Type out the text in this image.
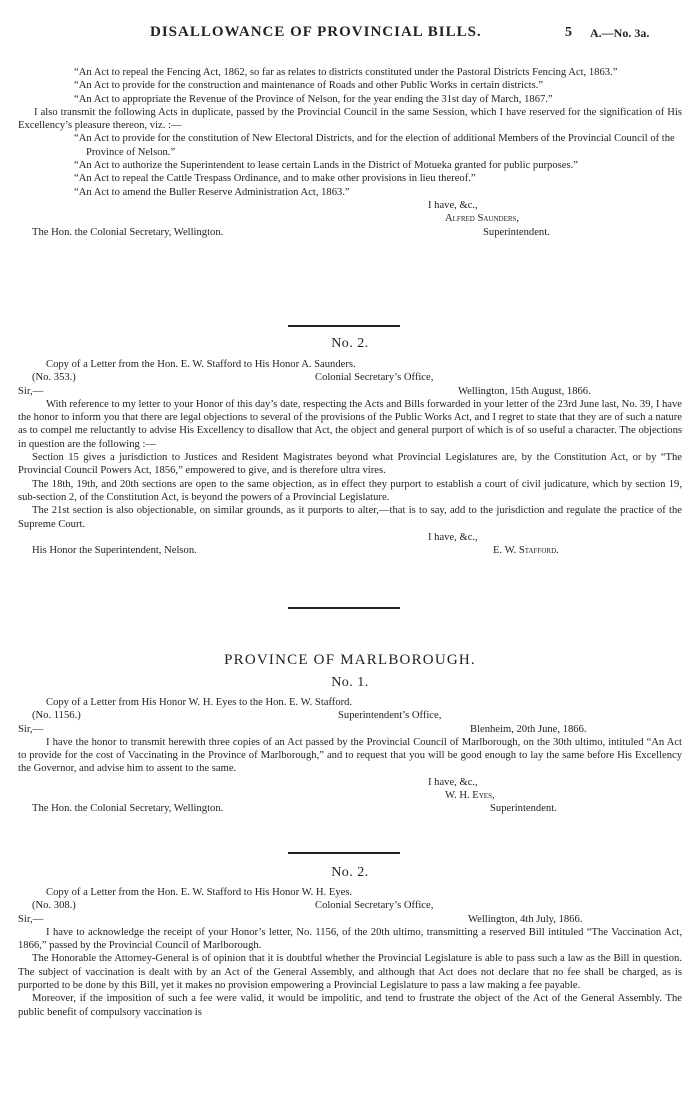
DISALLOWANCE OF PROVINCIAL BILLS.	5 A.—No. 3a.

“An Act to repeal the Fencing Act, 1862, so far as relates to districts constituted under the Pastoral Districts Fencing Act, 1863.”

“An Act to provide for the construction and maintenance of Roads and other Public Works in certain districts.”

“An Act to appropriate the Revenue of the Province of Nelson, for the year ending the 31st day of March, 1867.”

I also transmit the following Acts in duplicate, passed by the Provincial Council in the same Session, which I have reserved for the signification of His Excellency’s pleasure thereon, viz. :—

“An Act to provide for the constitution of New Electoral Districts, and for the election of additional Members of the Provincial Council of the Province of Nelson.”

“An Act to authorize the Superintendent to lease certain Lands in the District of Motueka granted for public purposes.”

“An Act to repeal the Cattle Trespass Ordinance, and to make other provisions in lieu thereof.”

“An Act to amend the Buller Reserve Administration Act, 1863.”

I have, &c.,
Alfred Saunders,
The Hon. the Colonial Secretary, Wellington.	Superintendent.
No. 2.

Copy of a Letter from the Hon. E. W. Stafford to His Honor A. Saunders.

(No. 353.)	Colonial Secretary’s Office,
Sir,—	Wellington, 15th August, 1866.

With reference to my letter to your Honor of this day’s date, respecting the Acts and Bills forwarded in your letter of the 23rd June last, No. 39, I have the honor to inform you that there are legal objections to several of the provisions of the Public Works Act, and I regret to state that they are of such a nature as to compel me reluctantly to advise His Excellency to disallow that Act, the object and general purport of which is of so useful a character. The objections in question are the following :—

Section 15 gives a jurisdiction to Justices and Resident Magistrates beyond what Provincial Legislatures are, by the Constitution Act, or by “The Provincial Council Powers Act, 1856,” empowered to give, and is therefore ultra vires.

The 18th, 19th, and 20th sections are open to the same objection, as in effect they purport to establish a court of civil judicature, which by section 19, sub-section 2, of the Constitution Act, is beyond the powers of a Provincial Legislature.

The 21st section is also objectionable, on similar grounds, as it purports to alter,—that is to say, add to the jurisdiction and regulate the practice of the Supreme Court.

I have, &c.,
His Honor the Superintendent, Nelson.	E. W. Stafford.
PROVINCE OF MARLBOROUGH.
No. 1.

Copy of a Letter from His Honor W. H. Eyes to the Hon. E. W. Stafford.

(No. 1156.)	Superintendent’s Office,
Sir,—	Blenheim, 20th June, 1866.

I have the honor to transmit herewith three copies of an Act passed by the Provincial Council of Marlborough, on the 30th ultimo, intituled “An Act to provide for the cost of Vaccinating in the Province of Marlborough,” and to request that you will be good enough to lay the same before His Excellency the Governor, and advise him to assent to the same.

I have, &c.,
W. H. Eyes,
The Hon. the Colonial Secretary, Wellington.	Superintendent.
No. 2.

Copy of a Letter from the Hon. E. W. Stafford to His Honor W. H. Eyes.

(No. 308.)	Colonial Secretary’s Office,
Sir,—	Wellington, 4th July, 1866.

I have to acknowledge the receipt of your Honor’s letter, No. 1156, of the 20th ultimo, transmitting a reserved Bill intituled “The Vaccination Act, 1866,” passed by the Provincial Council of Marlborough.

The Honorable the Attorney-General is of opinion that it is doubtful whether the Provincial Legislature is able to pass such a law as the Bill in question. The subject of vaccination is dealt with by an Act of the General Assembly, and although that Act does not declare that no fee shall be charged, as is purported to be done by this Bill, yet it makes no provision empowering a Provincial Legislature to pass a law making a fee payable.

Moreover, if the imposition of such a fee were valid, it would be impolitic, and tend to frustrate the object of the Act of the General Assembly. The public benefit of compulsory vaccination is
